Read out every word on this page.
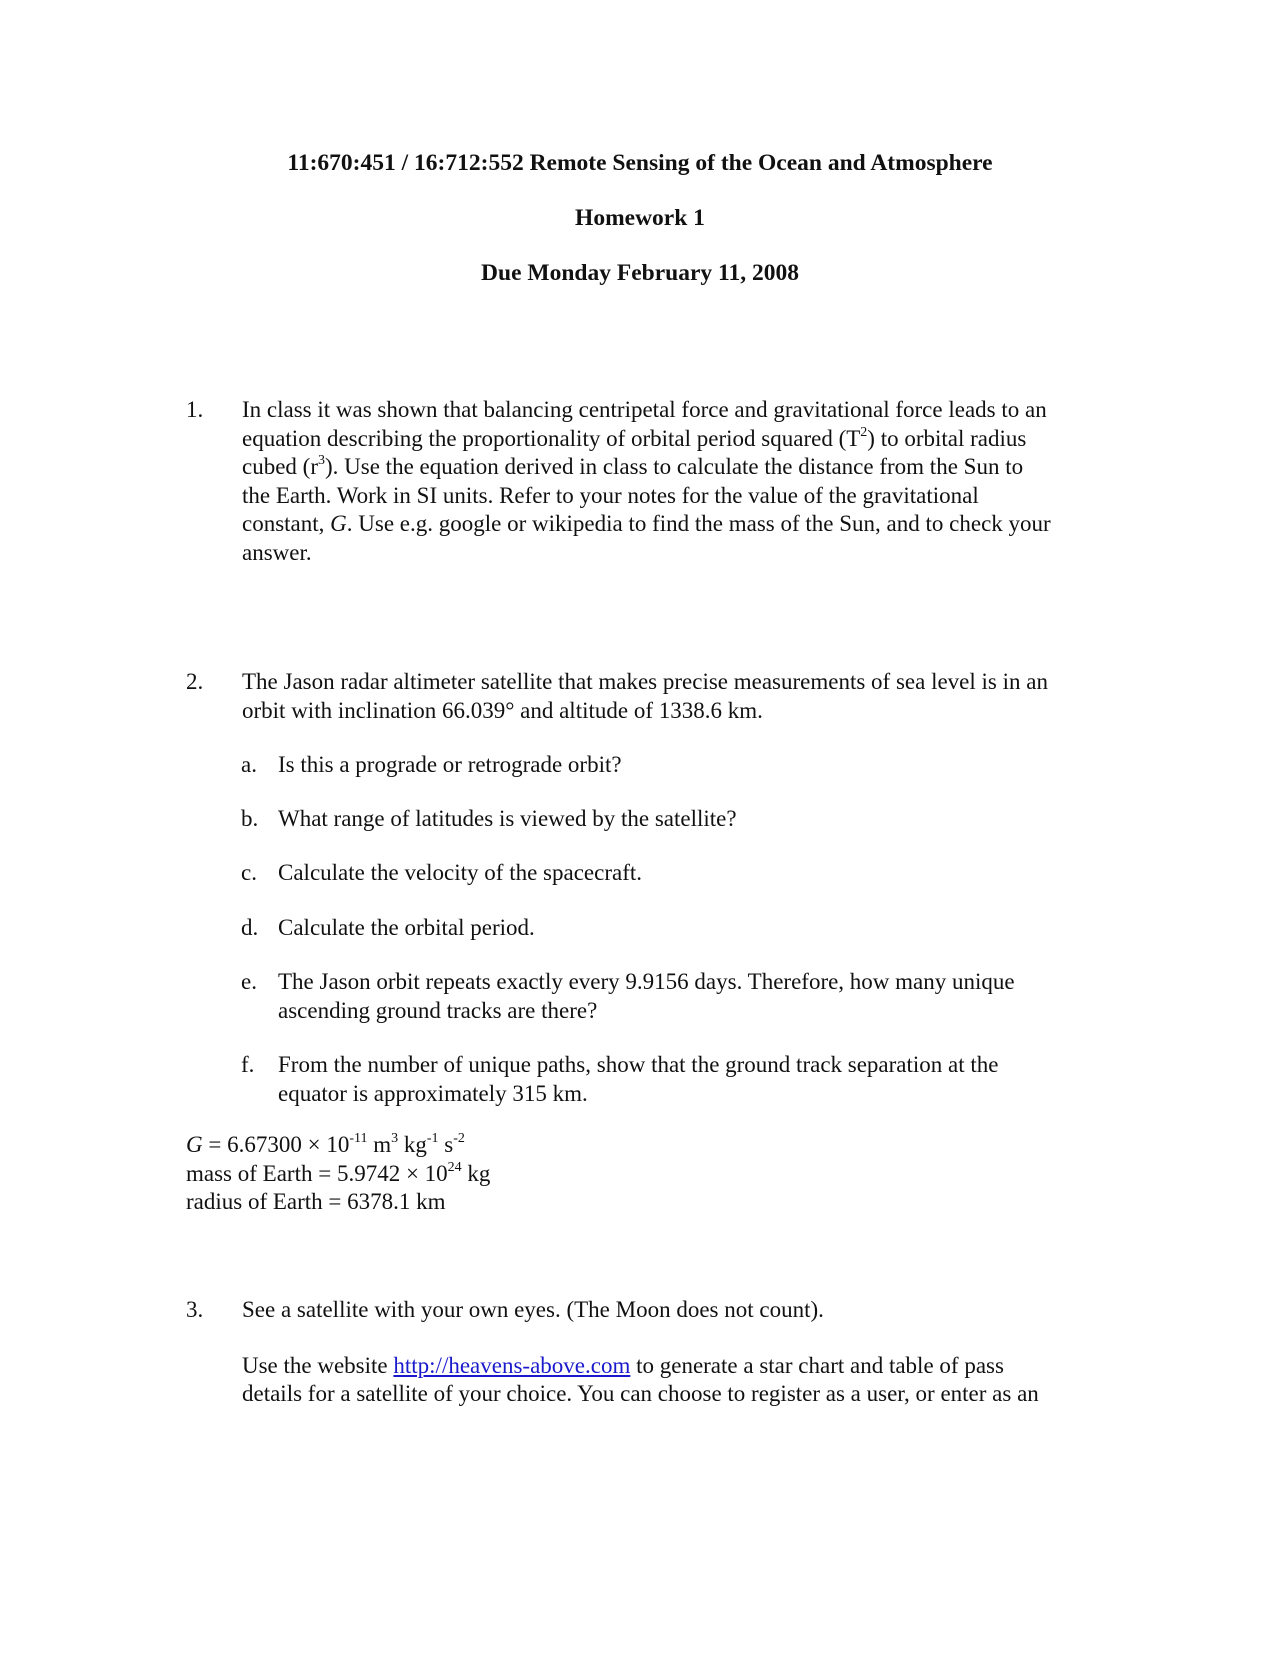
11:670:451 / 16:712:552 Remote Sensing of the Ocean and Atmosphere

Homework 1

Due Monday February 11, 2008

1. In class it was shown that balancing centripetal force and gravitational force leads to an
equation describing the proportionality of orbital period squared $(T^2)$ to orbital radius
cubed $(r^3)$. Use the equation derived in class to calculate the distance from the Sun to
the Earth. Work in SI units. Refer to your notes for the value of the gravitational
constant, G. Use e.g. google or wikipedia to find the mass of the Sun, and to check your
answer.
2. The Jason radar altimeter satellite that makes precise measurements of sea level is in an
orbit with inclination 66.039° and altitude of 1338.6 km.
a. Is this a prograde or retrograde orbit?
b. What range of latitudes is viewed by the satellite?
c. Calculate the velocity of the spacecraft.
d. Calculate the orbital period.
e. The Jason orbit repeats exactly every 9.9156 days. Therefore, how many unique
ascending ground tracks are there?
f. From the number of unique paths, show that the ground track separation at the
equator is approximately 315 km.
$G = 6.67300 \times 10^{-11}$ $m^3$ $kg^{-1}$ $s^{-2}$
mass of Earth = $5.9742 \times 10^{24}$ kg
radius of Earth = 6378.1 km
3. See a satellite with your own eyes. (The Moon does not count).
Use the website http://heavens-above.com to generate a star chart and table of pass
details for a satellite of your choice. You can choose to register as a user, or enter as an
